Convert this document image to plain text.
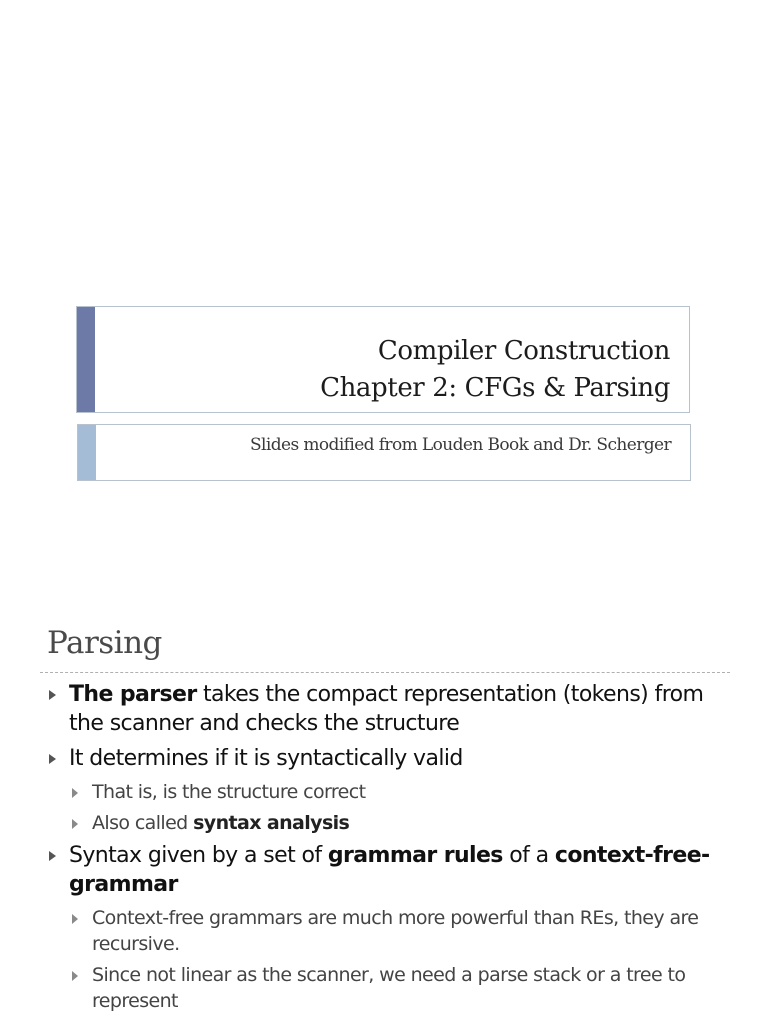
Compiler Construction
Chapter 2: CFGs & Parsing
Slides modified from Louden Book and Dr. Scherger
Parsing
The parser takes the compact representation (tokens) from the scanner and checks the structure
It determines if it is syntactically valid
That is, is the structure correct
Also called syntax analysis
Syntax given by a set of grammar rules of a context-free-grammar
Context-free grammars are much more powerful than REs, they are recursive.
Since not linear as the scanner, we need a parse stack or a tree to represent
